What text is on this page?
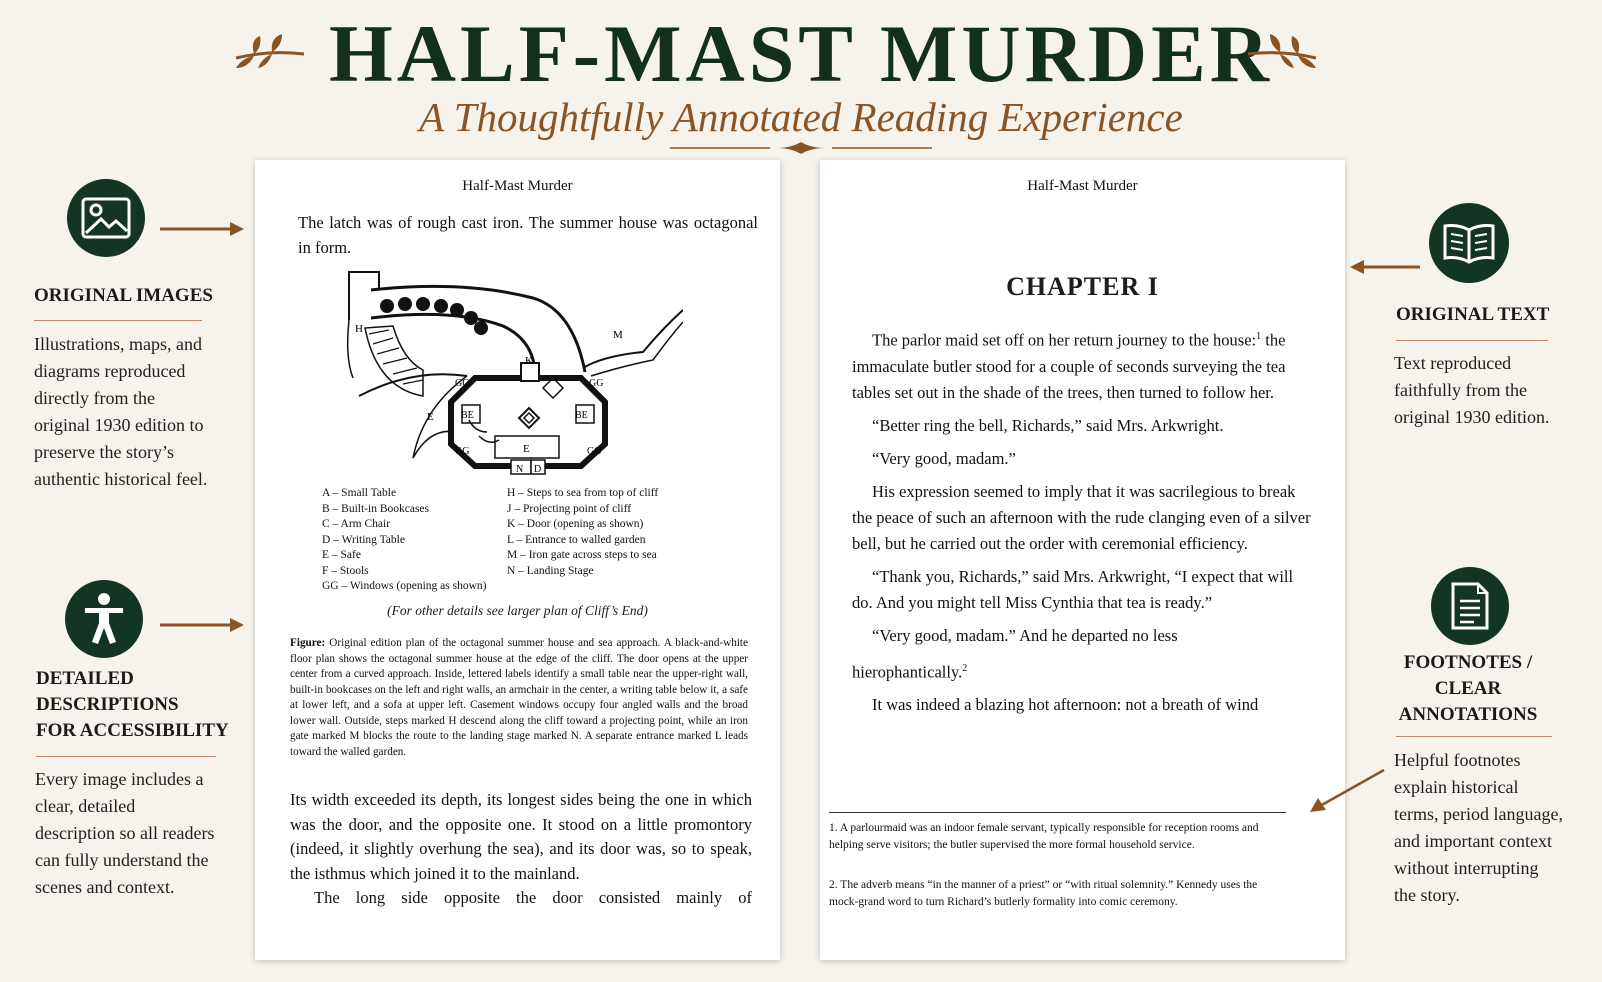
HALF-MAST MURDER
A Thoughtfully Annotated Reading Experience
ORIGINAL IMAGES
Illustrations, maps, and diagrams reproduced directly from the original 1930 edition to preserve the story’s authentic historical feel.
DETAILED
DESCRIPTIONS
FOR ACCESSIBILITY
Every image includes a clear, detailed description so all readers can fully understand the scenes and context.
Half-Mast Murder
The latch was of rough cast iron. The summer house was octagonal in form.
H	M
K
E
E
BE	BE
GG	GG
GG	GG
N D
A – Small Table
B – Built-in Bookcases
C – Arm Chair
D – Writing Table
E – Safe
F – Stools
GG – Windows (opening as shown)
H – Steps to sea from top of cliff
J – Projecting point of cliff
K – Door (opening as shown)
L – Entrance to walled garden
M – Iron gate across steps to sea
N – Landing Stage
(For other details see larger plan of Cliff’s End)
Figure: Original edition plan of the octagonal summer house and sea approach. A black-and-white floor plan shows the octagonal summer house at the edge of the cliff. The door opens at the upper center from a curved approach. Inside, lettered labels identify a small table near the upper-right wall, built-in bookcases on the left and right walls, an armchair in the center, a writing table below it, a safe at lower left, and a sofa at upper left. Casement windows occupy four angled walls and the broad lower wall. Outside, steps marked H descend along the cliff toward a projecting point, while an iron gate marked M blocks the route to the landing stage marked N. A separate entrance marked L leads toward the walled garden.
Its width exceeded its depth, its longest sides being the one in which was the door, and the opposite one. It stood on a little promontory (indeed, it slightly overhung the sea), and its door was, so to speak, the isthmus which joined it to the mainland.
The long side opposite the door consisted mainly of
Half-Mast Murder
CHAPTER I

The parlor maid set off on her return journey to the house:$^1$ the immaculate butler stood for a couple of seconds surveying the tea tables set out in the shade of the trees, then turned to follow her.

“Better ring the bell, Richards,” said Mrs. Arkwright.

“Very good, madam.”

His expression seemed to imply that it was sacrilegious to break the peace of such an afternoon with the rude clanging even of a silver bell, but he carried out the order with ceremonial efficiency.

“Thank you, Richards,” said Mrs. Arkwright, “I expect that will do. And you might tell Miss Cynthia that tea is ready.”

“Very good, madam.” And he departed no less

hierophantically.$^2$

It was indeed a blazing hot afternoon: not a breath of wind

1. A parlourmaid was an indoor female servant, typically responsible for reception rooms and helping serve visitors; the butler supervised the more formal household service.
2. The adverb means “in the manner of a priest” or “with ritual solemnity.” Kennedy uses the mock-grand word to turn Richard’s butlerly formality into comic ceremony.
ORIGINAL TEXT
Text reproduced faithfully from the original 1930 edition.
FOOTNOTES /
CLEAR
ANNOTATIONS
Helpful footnotes explain historical terms, period language, and important context without interrupting the story.
